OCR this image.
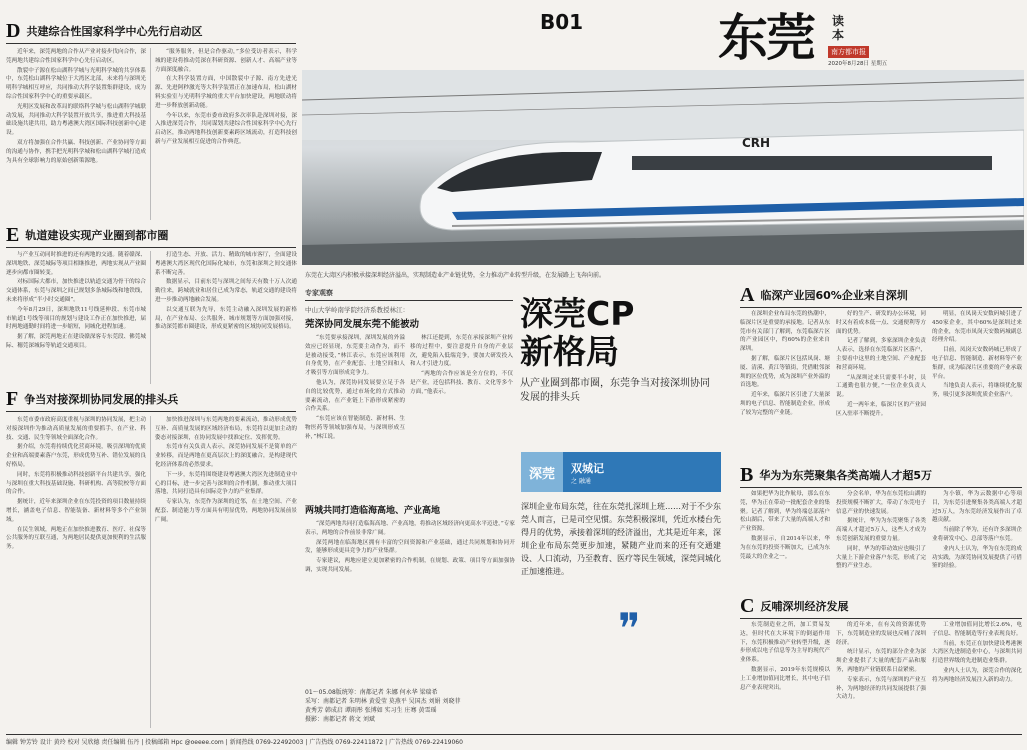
D 共建综合性国家科学中心先行启动区

近年来，深莞两地的合作从产业对接步伐向合作，深莞两地共建综合性国家科学中心先行启动区。

散裂中子源在松山湖科学城与光明科学城的共享体系中，东莞松山湖科学城位于大湾区北部，未来将与深圳光明科学城相互呼应，共同推动大科学装置集群建设，成为综合性国家科学中心的重要承载区。

光明区发展和改革局的联络科学城与松山湖科学城联动发展，共同推动大科学装置开放共享，推进重大科技基础设施共建共用，助力粤港澳大湾区国际科技创新中心建设。

双方将加强在合作共赢、科技创新、产业协同等方面的沟通与协作，携手把光明科学城和松山湖科学城打造成为具有全球影响力的原始创新策源地。

“服务服务，但是合作驱动，”多位受访者表示，科学城的建设将推动莞深在科研资源、创新人才、高端产业等方面深度融合。

在大科学装置方面，中国散裂中子源、南方先进光源、先进阿秒激光等大科学装置正在加速布局，松山湖材料实验室与光明科学城的重大平台加快建设，两地联动将进一步释放创新动能。

今年以来，东莞市委市政府多次率队赴深圳对接，深入推进深莞合作，共同谋划共建综合性国家科学中心先行启动区，推动两地科技创新要素跨区域流动，打造科技创新与产业发展相互促进的合作典范。

E 轨道建设实现产业圈到都市圈

与产业互动同时推进的还有两地的交通。随着赣深、深圳地铁、深莞城际等项目相继推进，两地实现从产业圈逐步向都市圈转变。

对标国际大都市，加快推进以轨道交通为骨干的综合交通体系，东莞与深圳之间已规划多条城际线和地铁线，未来将形成“半小时交通圈”。

今年8月29日，深圳地铁11号线延伸段、东莞市城市轨道1号线等项目的规划与建设工作正在加快推进，届时两地通勤时间将进一步缩短，同城化进程加速。

据了解，深莞两地正在建设赣深客专东莞段、佛莞城际、穗莞深城际等轨道交通项目。

打造生态、开放、活力、精致的城市客厅，全面建设粤港澳大湾区现代化国际化城市，东莞和深圳之间交通体系不断完善。

数据显示，目前东莞与深圳之间每天有数十万人次通勤往来，跨城就业和居住已成为常态，轨道交通的建设将进一步推动两地融合发展。

以交通互联为先导，东莞主动融入深圳发展的新格局，在产业布局、公共服务、城市规划等方面加强对接，推动深莞都市圈建设，形成更紧密的区域协同发展格局。

F 争当对接深圳协同发展的排头兵

东莞市委市政府高度重视与深圳的协同发展，把主动对接深圳作为推动高质量发展的重要抓手，在产业、科技、交通、民生等领域全面深化合作。

据介绍，东莞将持续优化营商环境，吸引深圳的优质企业和高端要素落户东莞，形成优势互补、错位发展的良好格局。

同时，东莞将积极推动科技创新平台共建共享，强化与深圳在重大科技基础设施、科研机构、高等院校等方面的合作。

据统计，近年来深圳企业在东莞投资的项目数量持续增长，涵盖电子信息、智能装备、新材料等多个产业领域。

在民生领域，两地正在加快推进教育、医疗、社保等公共服务的互联互通，为两地居民提供更加便利的生活服务。

加快推进深圳与东莞两地的要素流动，推动形成优势互补、高质量发展的区域经济布局，东莞将以更加主动的姿态对接深圳，在协同发展中找准定位、发挥优势。

东莞市有关负责人表示，深莞协同发展不是简单的产业转移，而是两地在更高层次上的深度融合，是构建现代化经济体系的必然要求。

下一步，东莞将围绕建设粤港澳大湾区先进制造业中心的目标，进一步完善与深圳的合作机制，推动重大项目落地，共同打造具有国际竞争力的产业集群。

专家认为，东莞作为深圳的近邻，在土地空间、产业配套、制造能力等方面具有明显优势，两地协同发展前景广阔。

B01	东莞 读本
南方都市报
2020年8月28日 星期五
CRH
东莞在大湾区内积极承接深圳经济溢出，实现制造业产业链优势，全力推动产业转型升级，在发展路上飞奔向前。
专家观察
中山大学岭南学院经济系教授林江：
莞深协同发展东莞不能被动

“东莞要承接深圳，深圳发展的外溢效应已经显现，东莞要主动作为，而不是被动接受，”林江表示，东莞应该利用自身优势，在产业配套、土地空间和人才吸引等方面形成竞争力。

他认为，深莞协同发展要立足于各自的比较优势，通过市场化的方式推动要素流动，在产业链上下游形成紧密的合作关系。

“东莞应该在智能制造、新材料、生物医药等领域加强布局，与深圳形成互补，”林江说。

林江还提到，东莞在承接深圳产业转移的过程中，要注意提升自身的产业层次，避免陷入低端竞争，要加大研发投入和人才引进力度。

“两地的合作应该是全方位的，不仅是产业，还包括科技、教育、文化等多个方面，”他表示。

两城共同打造临海高地、产业高地

“深莞两地共同打造临海高地、产业高地，将推动区域经济向更高水平迈进，”专家表示，两地的合作前景非常广阔。

深莞两地在临海地区拥有丰富的空间资源和产业基础，通过共同规划和协同开发，能够形成更具竞争力的产业集群。

专家建议，两地应建立更加紧密的合作机制，在规划、政策、项目等方面加强协调，实现共同发展。

01～05.08版统筹：南都记者 朱娜 何永华 梁瑞希
采写：南都记者 朱明林 黄爱莹 莫燕平 吴国杰 刘娟 刘晓菲
黄秀芳 韩成启 谭雨彤 张博如 实习生 庄骞 黄雪瑶
摄影：南都记者 蒋文 刘斌
深莞CP
新格局
从产业圈到都市圈，东莞争当对接深圳协同发展的排头兵
深莞	双城记
之 融通
深圳企业布局东莞，往在东莞扎深圳上班……对于不少东莞人而言，已是司空见惯。东莞积极深圳，凭近水楼台先得月的优势，承接着深圳的经济溢出，尤其是近年来，深圳企业布局东莞更步加速，紧随产业而来的还有交通建设、人口流动，乃至教育、医疗等民生领域，深莞同城化正加速推进。
❞
A 临深产业园60%企业来自深圳

在深圳企业布局东莞的热潮中，临深片区是重要的承接地。记者从东莞市有关部门了解到，东莞临深片区的产业园区中，约60%的企业来自深圳。

据了解，临深片区包括凤岗、塘厦、清溪、黄江等镇街，凭借毗邻深圳的区位优势，成为深圳产业外溢的首选地。

近年来，临深片区引进了大量深圳的电子信息、智能制造企业，形成了较为完整的产业链。

好的生产、研发的办公环境，同时又有着成本低一点、交通便利等方面的优势。

记者了解到，多家深圳企业负责人表示，选择在东莞临深片区落户，主要看中这里的土地空间、产业配套和营商环境。

“从深圳过来只需要半小时，员工通勤也很方便，”一位企业负责人说。

近一两年来，临深片区的产业园区入驻率不断提升。

明显，在凤岗天安数码城引进了450家企业，其中60%是深圳过来的企业，东莞市凤岗天安数码城副总经理介绍。

目前，凤岗天安数码城已形成了电子信息、智能制造、新材料等产业集群，成为临深片区重要的产业承载平台。

当地负责人表示，将继续优化服务，吸引更多深圳优质企业落户。

B 华为为东莞聚集各类高端人才超5万

如果把华为比作航母，那么在东莞，华为正在带动一批配套企业的集聚。记者了解到，华为终端总部落户松山湖后，带来了大量的高端人才和产业资源。

数据显示，自2014年以来，华为在东莞的投资不断加大，已成为东莞最大的企业之一。

分会名单，华为在东莞松山湖的投资规模不断扩大，带动了东莞电子信息产业的快速发展。

据统计，华为为东莞聚集了各类高端人才超过5万人，这些人才成为东莞创新发展的重要力量。

同时，华为的带动效应也吸引了大量上下游企业落户东莞，形成了完整的产业生态。

为小镇，华为云数据中心等项目，为东莞引进聚集各类高端人才超过5万人，为东莞经济发展作出了卓越贡献。

当前除了华为，还有许多深圳企业将研发中心、总部等落户东莞。

业内人士认为，华为在东莞的成功实践，为深莞协同发展提供了可借鉴的经验。

C 反哺深圳经济发展

东莞制造业之所，加工贸易发达，但时代在大环境下的倒逼作用下，东莞积极推动产业转型升级，逐步形成以电子信息等为主导的现代产业体系。

数据显示，2019年东莞规模以上工业增加值同比增长，其中电子信息产业表现突出。

的近年来，在有关的资源优势下，东莞制造业的发展也反哺了深圳经济。

统计显示，东莞的部分企业为深圳企业提供了大量的配套产品和服务，两地的产业链联系日益紧密。

专家表示，东莞与深圳的产业互补，为两地经济的共同发展提供了强大动力。

工业增加值同比增长2.6%，电子信息、智能制造等行业表现良好。

当前，东莞正在加快建设粤港澳大湾区先进制造业中心，与深圳共同打造世界级的先进制造业集群。

业内人士认为，深莞合作的深化将为两地经济发展注入新的动力。

编辑 钟芳铃 设计 黄玲 校对 吴欣德 责任编辑 伍丹 | 投稿邮箱 Hpc @oeeee.com | 新闻热线 0769-22492003 | 广告热线 0769-22411872 | 广告热线 0769-22419060
